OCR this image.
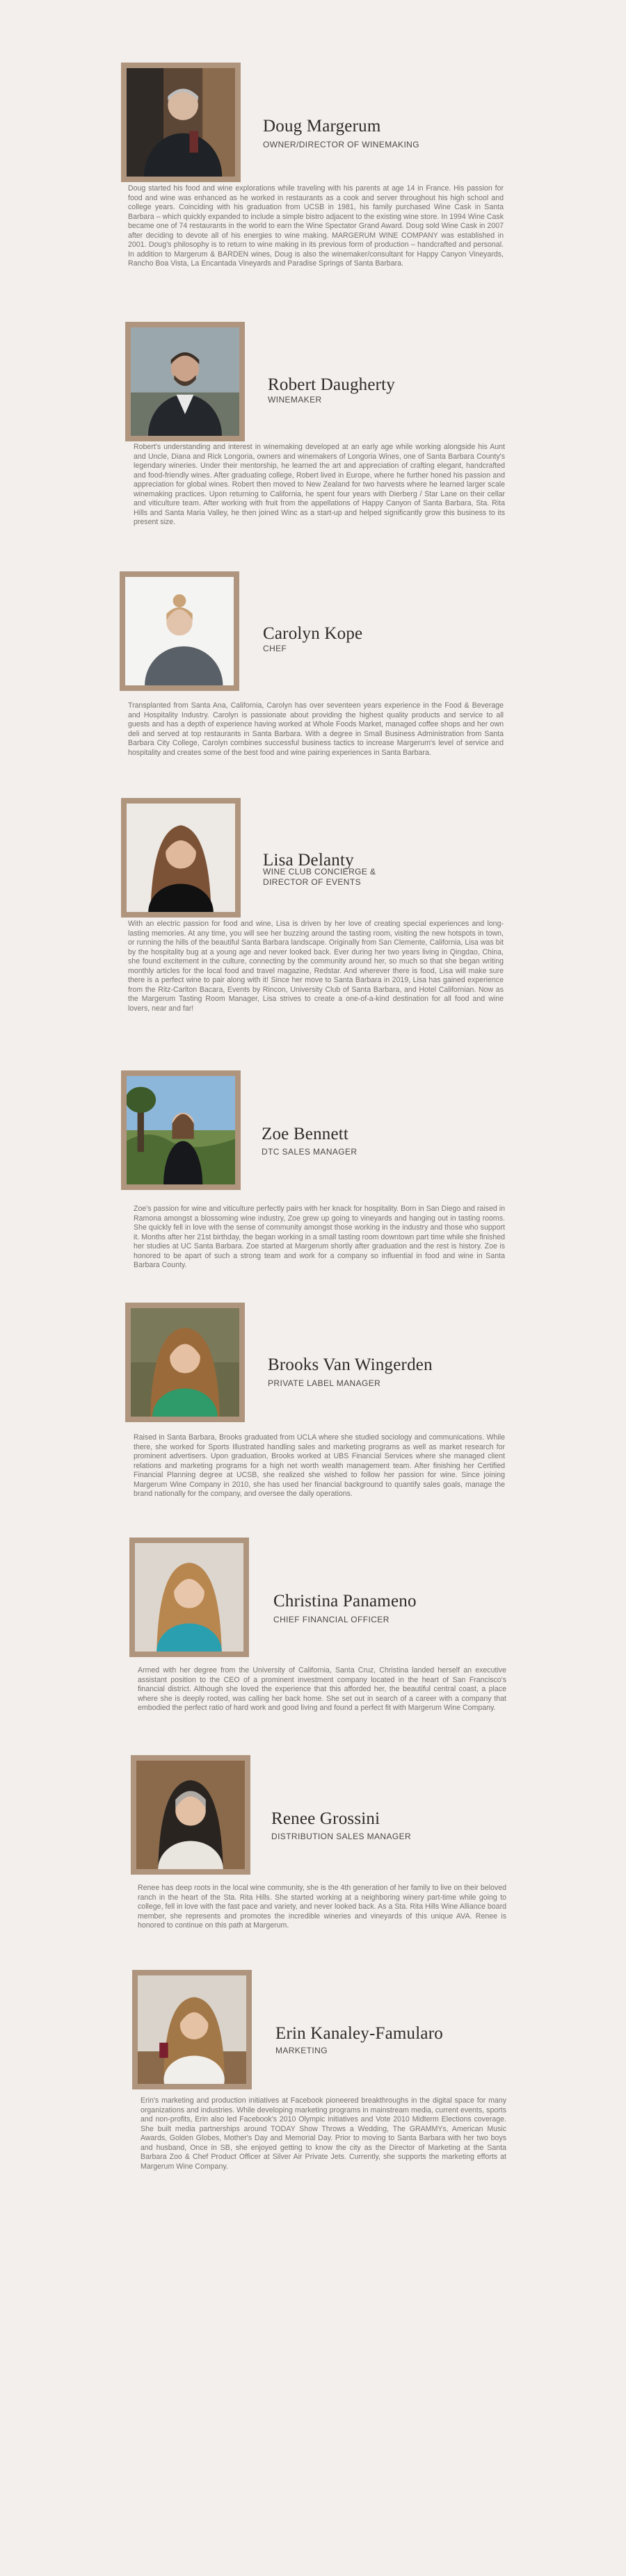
Doug Margerum
OWNER/DIRECTOR OF WINEMAKING

Doug started his food and wine explorations while traveling with his parents at age 14 in France. His passion for food and wine was enhanced as he worked in restaurants as a cook and server throughout his high school and college years. Coinciding with his graduation from UCSB in 1981, his family purchased Wine Cask in Santa Barbara – which quickly expanded to include a simple bistro adjacent to the existing wine store. In 1994 Wine Cask became one of 74 restaurants in the world to earn the Wine Spectator Grand Award. Doug sold Wine Cask in 2007 after deciding to devote all of his energies to wine making. MARGERUM WINE COMPANY was established in 2001. Doug's philosophy is to return to wine making in its previous form of production – handcrafted and personal. In addition to Margerum & BARDEN wines, Doug is also the winemaker/consultant for Happy Canyon Vineyards, Rancho Boa Vista, La Encantada Vineyards and Paradise Springs of Santa Barbara.

Robert Daugherty
WINEMAKER

Robert's understanding and interest in winemaking developed at an early age while working alongside his Aunt and Uncle, Diana and Rick Longoria, owners and winemakers of Longoria Wines, one of Santa Barbara County's legendary wineries. Under their mentorship, he learned the art and appreciation of crafting elegant, handcrafted and food-friendly wines. After graduating college, Robert lived in Europe, where he further honed his passion and appreciation for global wines. Robert then moved to New Zealand for two harvests where he learned larger scale winemaking practices. Upon returning to California, he spent four years with Dierberg / Star Lane on their cellar and viticulture team. After working with fruit from the appellations of Happy Canyon of Santa Barbara, Sta. Rita Hills and Santa Maria Valley, he then joined Winc as a start-up and helped significantly grow this business to its present size.

Carolyn Kope
CHEF

Transplanted from Santa Ana, California, Carolyn has over seventeen years experience in the Food & Beverage and Hospitality Industry. Carolyn is passionate about providing the highest quality products and service to all guests and has a depth of experience having worked at Whole Foods Market, managed coffee shops and her own deli and served at top restaurants in Santa Barbara. With a degree in Small Business Administration from Santa Barbara City College, Carolyn combines successful business tactics to increase Margerum's level of service and hospitality and creates some of the best food and wine pairing experiences in Santa Barbara.

Lisa Delanty
WINE CLUB CONCIERGE & DIRECTOR OF EVENTS

With an electric passion for food and wine, Lisa is driven by her love of creating special experiences and long-lasting memories. At any time, you will see her buzzing around the tasting room, visiting the new hotspots in town, or running the hills of the beautiful Santa Barbara landscape. Originally from San Clemente, California, Lisa was bit by the hospitality bug at a young age and never looked back. Ever during her two years living in Qingdao, China, she found excitement in the culture, connecting by the community around her, so much so that she began writing monthly articles for the local food and travel magazine, Redstar. And wherever there is food, Lisa will make sure there is a perfect wine to pair along with it! Since her move to Santa Barbara in 2019, Lisa has gained experience from the Ritz-Carlton Bacara, Events by Rincon, University Club of Santa Barbara, and Hotel Californian. Now as the Margerum Tasting Room Manager, Lisa strives to create a one-of-a-kind destination for all food and wine lovers, near and far!

Zoe Bennett
DTC SALES MANAGER

Zoe's passion for wine and viticulture perfectly pairs with her knack for hospitality. Born in San Diego and raised in Ramona amongst a blossoming wine industry, Zoe grew up going to vineyards and hanging out in tasting rooms. She quickly fell in love with the sense of community amongst those working in the industry and those who support it. Months after her 21st birthday, the began working in a small tasting room downtown part time while she finished her studies at UC Santa Barbara. Zoe started at Margerum shortly after graduation and the rest is history. Zoe is honored to be apart of such a strong team and work for a company so influential in food and wine in Santa Barbara County.

Brooks Van Wingerden
PRIVATE LABEL MANAGER

Raised in Santa Barbara, Brooks graduated from UCLA where she studied sociology and communications. While there, she worked for Sports Illustrated handling sales and marketing programs as well as market research for prominent advertisers. Upon graduation, Brooks worked at UBS Financial Services where she managed client relations and marketing programs for a high net worth wealth management team. After finishing her Certified Financial Planning degree at UCSB, she realized she wished to follow her passion for wine. Since joining Margerum Wine Company in 2010, she has used her financial background to quantify sales goals, manage the brand nationally for the company, and oversee the daily operations.

Christina Panameno
CHIEF FINANCIAL OFFICER

Armed with her degree from the University of California, Santa Cruz, Christina landed herself an executive assistant position to the CEO of a prominent investment company located in the heart of San Francisco's financial district. Although she loved the experience that this afforded her, the beautiful central coast, a place where she is deeply rooted, was calling her back home. She set out in search of a career with a company that embodied the perfect ratio of hard work and good living and found a perfect fit with Margerum Wine Company.

Renee Grossini
DISTRIBUTION SALES MANAGER

Renee has deep roots in the local wine community, she is the 4th generation of her family to live on their beloved ranch in the heart of the Sta. Rita Hills. She started working at a neighboring winery part-time while going to college, fell in love with the fast pace and variety, and never looked back. As a Sta. Rita Hills Wine Alliance board member, she represents and promotes the incredible wineries and vineyards of this unique AVA. Renee is honored to continue on this path at Margerum.

Erin Kanaley-Famularo
MARKETING

Erin's marketing and production initiatives at Facebook pioneered breakthroughs in the digital space for many organizations and industries. While developing marketing programs in mainstream media, current events, sports and non-profits, Erin also led Facebook's 2010 Olympic initiatives and Vote 2010 Midterm Elections coverage. She built media partnerships around TODAY Show Throws a Wedding, The GRAMMYs, American Music Awards, Golden Globes, Mother's Day and Memorial Day. Prior to moving to Santa Barbara with her two boys and husband, Once in SB, she enjoyed getting to know the city as the Director of Marketing at the Santa Barbara Zoo & Chef Product Officer at Silver Air Private Jets. Currently, she supports the marketing efforts at Margerum Wine Company.
